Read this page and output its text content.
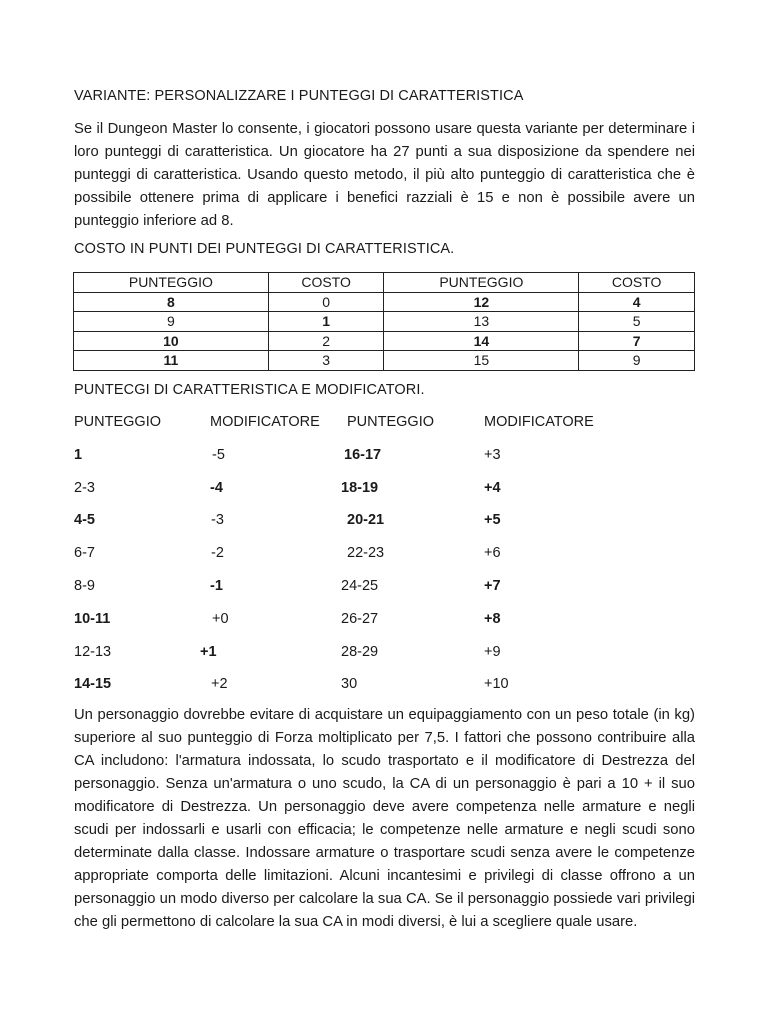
VARIANTE: PERSONALIZZARE I PUNTEGGI DI CARATTERISTICA
Se il Dungeon Master lo consente, i giocatori possono usare questa variante per determinare i loro punteggi di caratteristica. Un giocatore ha 27 punti a sua disposizione da spendere nei punteggi di caratteristica. Usando questo metodo, il più alto punteggio di caratteristica che è possibile ottenere prima di applicare i benefici razziali è 15 e non è possibile avere un punteggio inferiore ad 8.
COSTO IN PUNTI DEI PUNTEGGI DI CARATTERISTICA.
PUNTEGGIO	COSTO	PUNTEGGIO	COSTO
8	0	12	4
9	1	13	5
10	2	14	7
11	3	15	9
PUNTECGI DI CARATTERISTICA E MODIFICATORI.
PUNTEGGIO	MODIFICATORE PUNTEGGIO	MODIFICATORE
1	-5	16-17	+3
2-3	-4	18-19	+4
4-5	-3	20-21	+5
6-7	-2	22-23	+6
8-9	-1	24-25	+7
10-11	+0	26-27	+8
12-13	+1	28-29	+9
14-15	+2	30	+10
Un personaggio dovrebbe evitare di acquistare un equipaggiamento con un peso totale (in kg) superiore al suo punteggio di Forza moltiplicato per 7,5. I fattori che possono contribuire alla CA includono: l'armatura indossata, lo scudo trasportato e il modificatore di Destrezza del personaggio. Senza un'armatura o uno scudo, la CA di un personaggio è pari a 10 + il suo modificatore di Destrezza. Un personaggio deve avere competenza nelle armature e negli scudi per indossarli e usarli con efficacia; le competenze nelle armature e negli scudi sono determinate dalla classe. Indossare armature o trasportare scudi senza avere le competenze appropriate comporta delle limitazioni. Alcuni incantesimi e privilegi di classe offrono a un personaggio un modo diverso per calcolare la sua CA. Se il personaggio possiede vari privilegi che gli permettono di calcolare la sua CA in modi diversi, è lui a scegliere quale usare.
